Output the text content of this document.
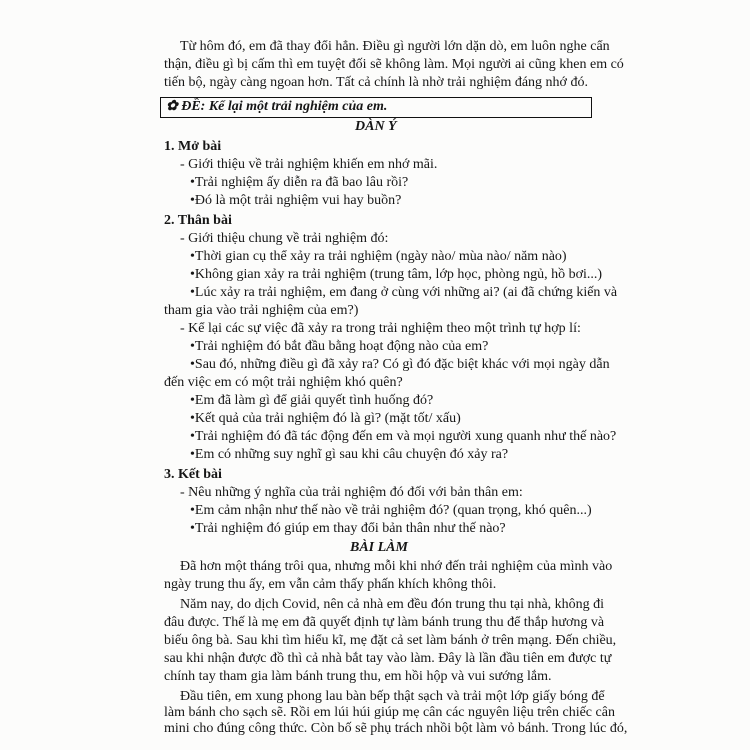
Từ hôm đó, em đã thay đổi hẳn. Điều gì người lớn dặn dò, em luôn nghe cẩn
thận, điều gì bị cấm thì em tuyệt đối sẽ không làm. Mọi người ai cũng khen em có
tiến bộ, ngày càng ngoan hơn. Tất cả chính là nhờ trải nghiệm đáng nhớ đó.
✿ ĐỀ: Kể lại một trải nghiệm của em.
DÀN Ý
1. Mở bài
- Giới thiệu về trải nghiệm khiến em nhớ mãi.
•Trải nghiệm ấy diễn ra đã bao lâu rồi?
•Đó là một trải nghiệm vui hay buồn?
2. Thân bài
- Giới thiệu chung về trải nghiệm đó:
•Thời gian cụ thể xảy ra trải nghiệm (ngày nào/ mùa nào/ năm nào)
•Không gian xảy ra trải nghiệm (trung tâm, lớp học, phòng ngủ, hồ bơi...)
•Lúc xảy ra trải nghiệm, em đang ở cùng với những ai? (ai đã chứng kiến và
tham gia vào trải nghiệm của em?)
- Kể lại các sự việc đã xảy ra trong trải nghiệm theo một trình tự hợp lí:
•Trải nghiệm đó bắt đầu bằng hoạt động nào của em?
•Sau đó, những điều gì đã xảy ra? Có gì đó đặc biệt khác với mọi ngày dẫn
đến việc em có một trải nghiệm khó quên?
•Em đã làm gì để giải quyết tình huống đó?
•Kết quả của trải nghiệm đó là gì? (mặt tốt/ xấu)
•Trải nghiệm đó đã tác động đến em và mọi người xung quanh như thế nào?
•Em có những suy nghĩ gì sau khi câu chuyện đó xảy ra?
3. Kết bài
- Nêu những ý nghĩa của trải nghiệm đó đối với bản thân em:
•Em cảm nhận như thế nào về trải nghiệm đó? (quan trọng, khó quên...)
•Trải nghiệm đó giúp em thay đổi bản thân như thế nào?
BÀI LÀM
Đã hơn một tháng trôi qua, nhưng mỗi khi nhớ đến trải nghiệm của mình vào
ngày trung thu ấy, em vẫn cảm thấy phấn khích không thôi.
Năm nay, do dịch Covid, nên cả nhà em đều đón trung thu tại nhà, không đi
đâu được. Thế là mẹ em đã quyết định tự làm bánh trung thu để thắp hương và
biếu ông bà. Sau khi tìm hiểu kĩ, mẹ đặt cả set làm bánh ở trên mạng. Đến chiều,
sau khi nhận được đồ thì cả nhà bắt tay vào làm. Đây là lần đầu tiên em được tự
chính tay tham gia làm bánh trung thu, em hồi hộp và vui sướng lắm.
Đầu tiên, em xung phong lau bàn bếp thật sạch và trải một lớp giấy bóng để
làm bánh cho sạch sẽ. Rồi em lúi húi giúp mẹ cân các nguyên liệu trên chiếc cân
mini cho đúng công thức. Còn bố sẽ phụ trách nhồi bột làm vỏ bánh. Trong lúc đó,
